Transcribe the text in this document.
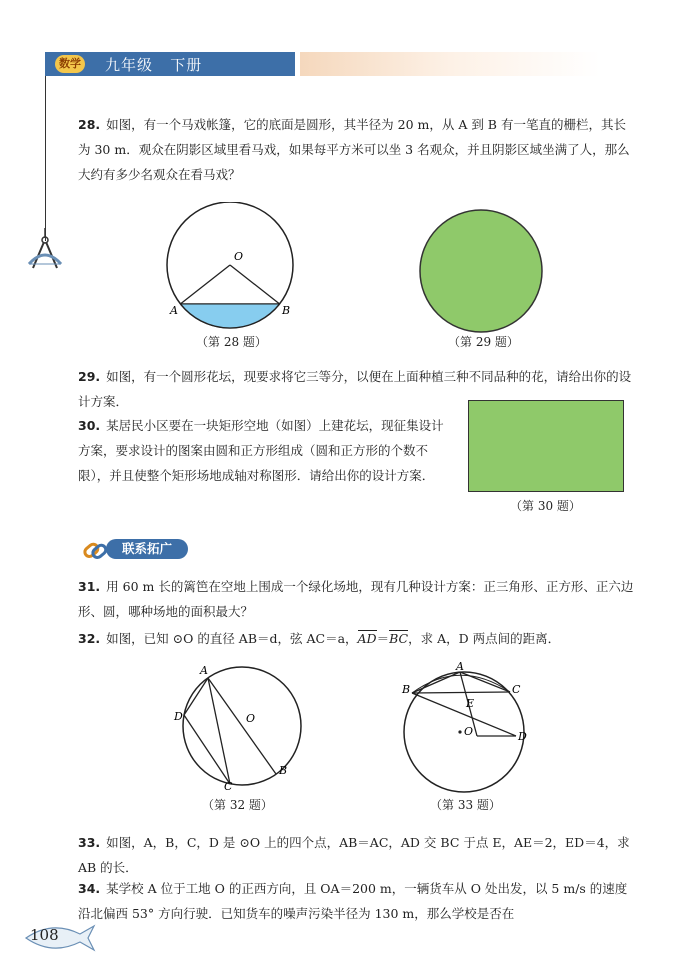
数学 九年级   下册
28. 如图，有一个马戏帐篷，它的底面是圆形，其半径为 20 m，从 A 到 B 有一笔直的栅栏，其长为 30 m．观众在阴影区域里看马戏，如果每平方米可以坐 3 名观众，并且阴影区域坐满了人，那么大约有多少名观众在看马戏？
O
A	B
（第 28 题）	（第 29 题）
29. 如图，有一个圆形花坛，现要求将它三等分，以便在上面种植三种不同品种的花，请给出你的设计方案．
30. 某居民小区要在一块矩形空地（如图）上建花坛，现征集设计方案，要求设计的图案由圆和正方形组成（圆和正方形的个数不限），并且使整个矩形场地成轴对称图形．请给出你的设计方案．
（第 30 题）
联系拓广
31. 用 60 m 长的篱笆在空地上围成一个绿化场地，现有几种设计方案：正三角形、正方形、正六边形、圆，哪种场地的面积最大？
32. 如图，已知 ⊙O 的直径 AB＝d，弦 AC＝a，AD＝BC，求 A，D 两点间的距离．
A
D	O
C
B
（第 32 题）
A
B	C
E
O	D
（第 33 题）
33. 如图，A，B，C，D 是 ⊙O 上的四个点，AB＝AC，AD 交 BC 于点 E，AE＝2，ED＝4，求 AB 的长．
34. 某学校 A 位于工地 O 的正西方向，且 OA＝200 m，一辆货车从 O 处出发，以 5 m/s 的速度沿北偏西 53° 方向行驶．已知货车的噪声污染半径为 130 m，那么学校是否在
108
